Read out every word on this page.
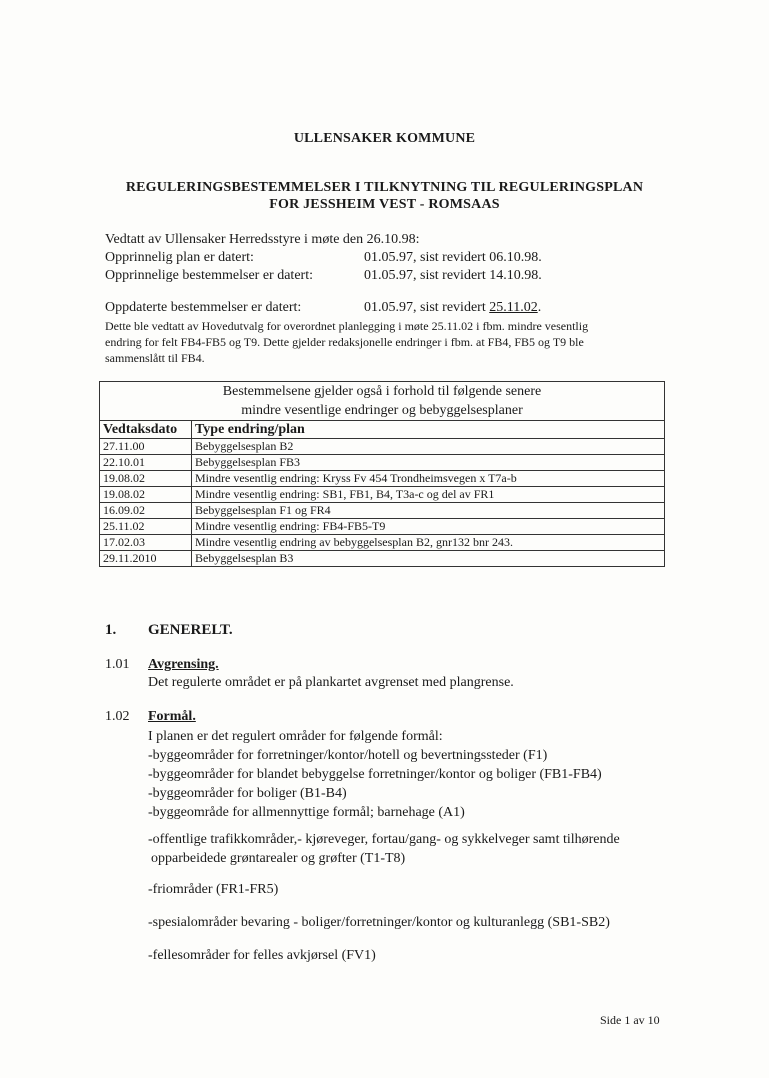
ULLENSAKER KOMMUNE
REGULERINGSBESTEMMELSER I TILKNYTNING TIL REGULERINGSPLAN
FOR JESSHEIM VEST - ROMSAAS
Vedtatt av Ullensaker Herredsstyre i møte den 26.10.98:
Opprinnelig plan er datert:	01.05.97, sist revidert 06.10.98.
Opprinnelige bestemmelser er datert:	01.05.97, sist revidert 14.10.98.
Oppdaterte bestemmelser er datert:	01.05.97, sist revidert 25.11.02.
Dette ble vedtatt av Hovedutvalg for overordnet planlegging i møte 25.11.02 i fbm. mindre vesentlig
endring for felt FB4-FB5 og T9. Dette gjelder redaksjonelle endringer i fbm. at FB4, FB5 og T9 ble
sammenslått til FB4.
Bestemmelsene gjelder også i forhold til følgende senere
mindre vesentlige endringer og bebyggelsesplaner	

Vedtaksdato	Type endring/plan
27.11.00	Bebyggelsesplan B2
22.10.01	Bebyggelsesplan FB3
19.08.02	Mindre vesentlig endring: Kryss Fv 454 Trondheimsvegen x T7a-b
19.08.02	Mindre vesentlig endring: SB1, FB1, B4, T3a-c og del av FR1
16.09.02	Bebyggelsesplan F1 og FR4
25.11.02	Mindre vesentlig endring: FB4-FB5-T9
17.02.03	Mindre vesentlig endring av bebyggelsesplan B2, gnr132 bnr 243.
29.11.2010	Bebyggelsesplan B3
1. GENERELT.
1.01 Avgrensing.
Det regulerte området er på plankartet avgrenset med plangrense.
1.02 Formål.
I planen er det regulert områder for følgende formål:
-byggeområder for forretninger/kontor/hotell og bevertningssteder (F1)
-byggeområder for blandet bebyggelse forretninger/kontor og boliger (FB1-FB4)
-byggeområder for boliger (B1-B4)
-byggeområde for allmennyttige formål; barnehage (A1)
-offentlige trafikkområder,- kjøreveger, fortau/gang- og sykkelveger samt tilhørende
opparbeidede grøntarealer og grøfter (T1-T8)
-friområder (FR1-FR5)
-spesialområder bevaring - boliger/forretninger/kontor og kulturanlegg (SB1-SB2)
-fellesområder for felles avkjørsel (FV1)
Side 1 av 10
